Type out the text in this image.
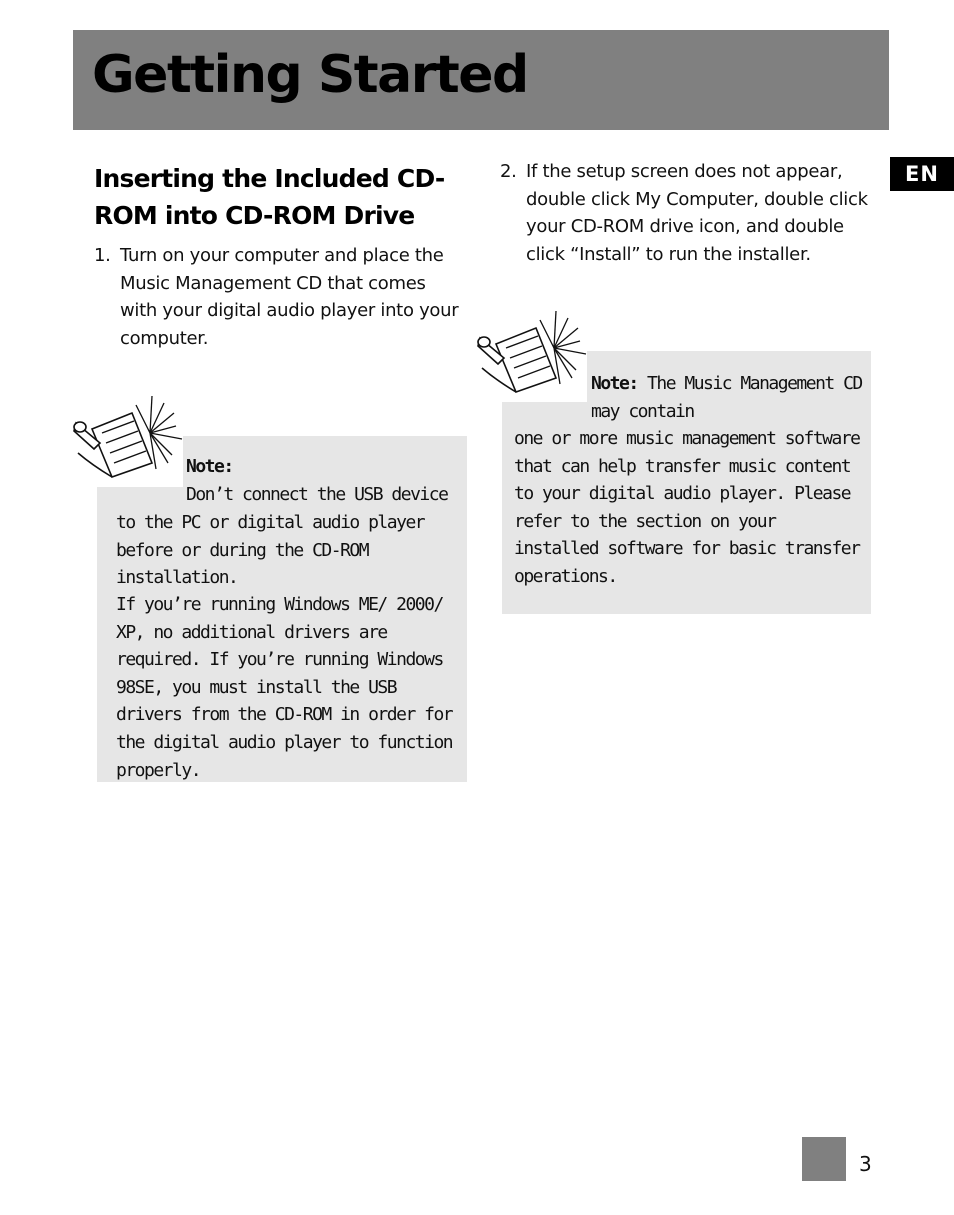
Getting Started
EN
Inserting the Included CD-ROM into CD-ROM Drive
1. Turn on your computer and place the Music Management CD that comes with your digital audio player into your computer.
2. If the setup screen does not appear, double click My Computer, double click your CD-ROM drive icon, and double click “Install” to run the installer.
Note:
Don’t connect the USB device
to the PC or digital audio player before or during the CD-ROM installation.
If you’re running Windows ME/ 2000/ XP, no additional drivers are required. If you’re running Windows 98SE, you must install the USB drivers from the CD-ROM in order for the digital audio player to function properly.
Note: The Music Management CD may contain
one or more music management software that can help transfer music content to your digital audio player. Please refer to the section on your installed software for basic transfer operations.
3
